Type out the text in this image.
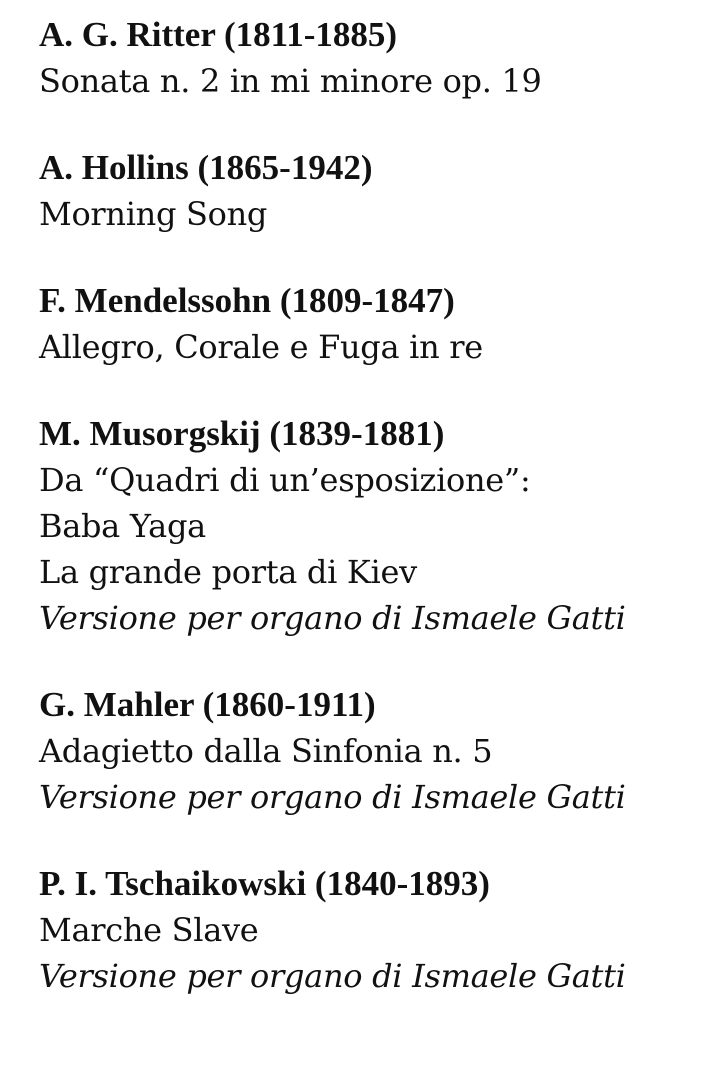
A. G. Ritter (1811-1885)
Sonata n. 2 in mi minore op. 19
A. Hollins (1865-1942)
Morning Song
F. Mendelssohn (1809-1847)
Allegro, Corale e Fuga in re
M. Musorgskij (1839-1881)
Da “Quadri di un’esposizione”:
Baba Yaga
La grande porta di Kiev
Versione per organo di Ismaele Gatti
G. Mahler (1860-1911)
Adagietto dalla Sinfonia n. 5
Versione per organo di Ismaele Gatti
P. I. Tschaikowski (1840-1893)
Marche Slave
Versione per organo di Ismaele Gatti
